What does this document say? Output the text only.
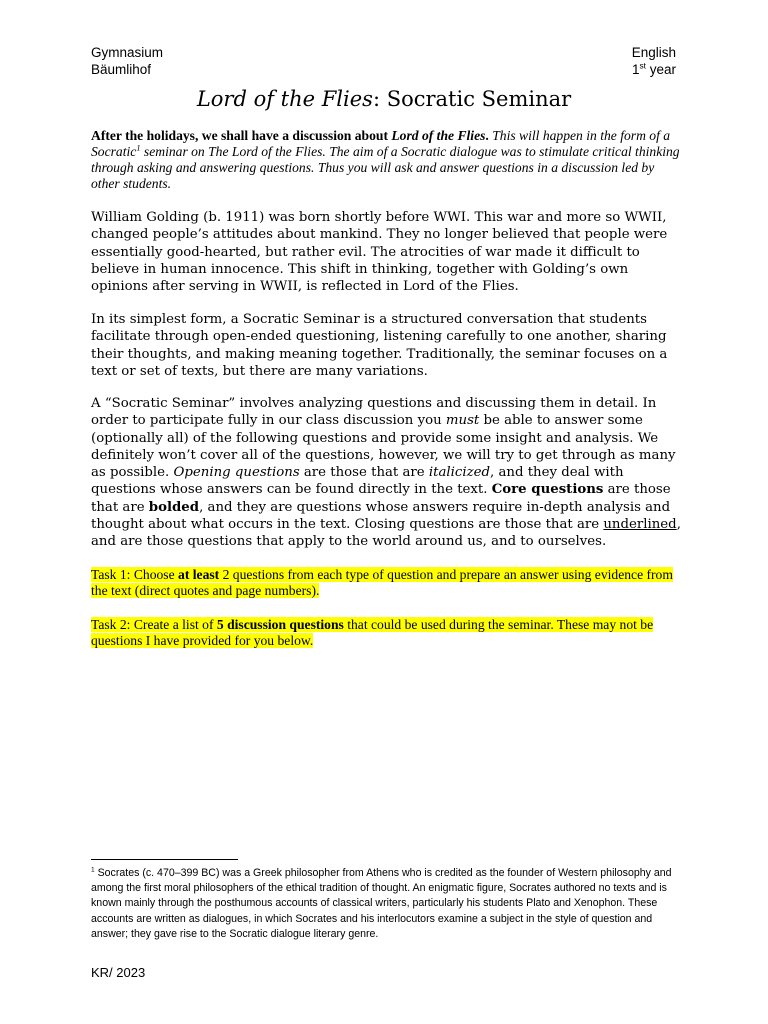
Gymnasium
Bäumlihof
English
1st year
Lord of the Flies: Socratic Seminar
After the holidays, we shall have a discussion about Lord of the Flies. This will happen in the form of a Socratic$^1$ seminar on The Lord of the Flies. The aim of a Socratic dialogue was to stimulate critical thinking through asking and answering questions. Thus you will ask and answer questions in a discussion led by other students.
William Golding (b. 1911) was born shortly before WWI. This war and more so WWII, changed people’s attitudes about mankind. They no longer believed that people were essentially good-hearted, but rather evil. The atrocities of war made it difficult to believe in human innocence. This shift in thinking, together with Golding’s own opinions after serving in WWII, is reflected in Lord of the Flies.
In its simplest form, a Socratic Seminar is a structured conversation that students facilitate through open-ended questioning, listening carefully to one another, sharing their thoughts, and making meaning together. Traditionally, the seminar focuses on a text or set of texts, but there are many variations.
A “Socratic Seminar” involves analyzing questions and discussing them in detail. In order to participate fully in our class discussion you must be able to answer some (optionally all) of the following questions and provide some insight and analysis. We definitely won’t cover all of the questions, however, we will try to get through as many as possible. Opening questions are those that are italicized, and they deal with questions whose answers can be found directly in the text. Core questions are those that are bolded, and they are questions whose answers require in-depth analysis and thought about what occurs in the text. Closing questions are those that are underlined, and are those questions that apply to the world around us, and to ourselves.
Task 1: Choose at least 2 questions from each type of question and prepare an answer using evidence from the text (direct quotes and page numbers).
Task 2: Create a list of 5 discussion questions that could be used during the seminar. These may not be questions I have provided for you below.
$^1$ Socrates (c. 470–399 BC) was a Greek philosopher from Athens who is credited as the founder of Western philosophy and among the first moral philosophers of the ethical tradition of thought. An enigmatic figure, Socrates authored no texts and is known mainly through the posthumous accounts of classical writers, particularly his students Plato and Xenophon. These accounts are written as dialogues, in which Socrates and his interlocutors examine a subject in the style of question and answer; they gave rise to the Socratic dialogue literary genre.
KR/ 2023
